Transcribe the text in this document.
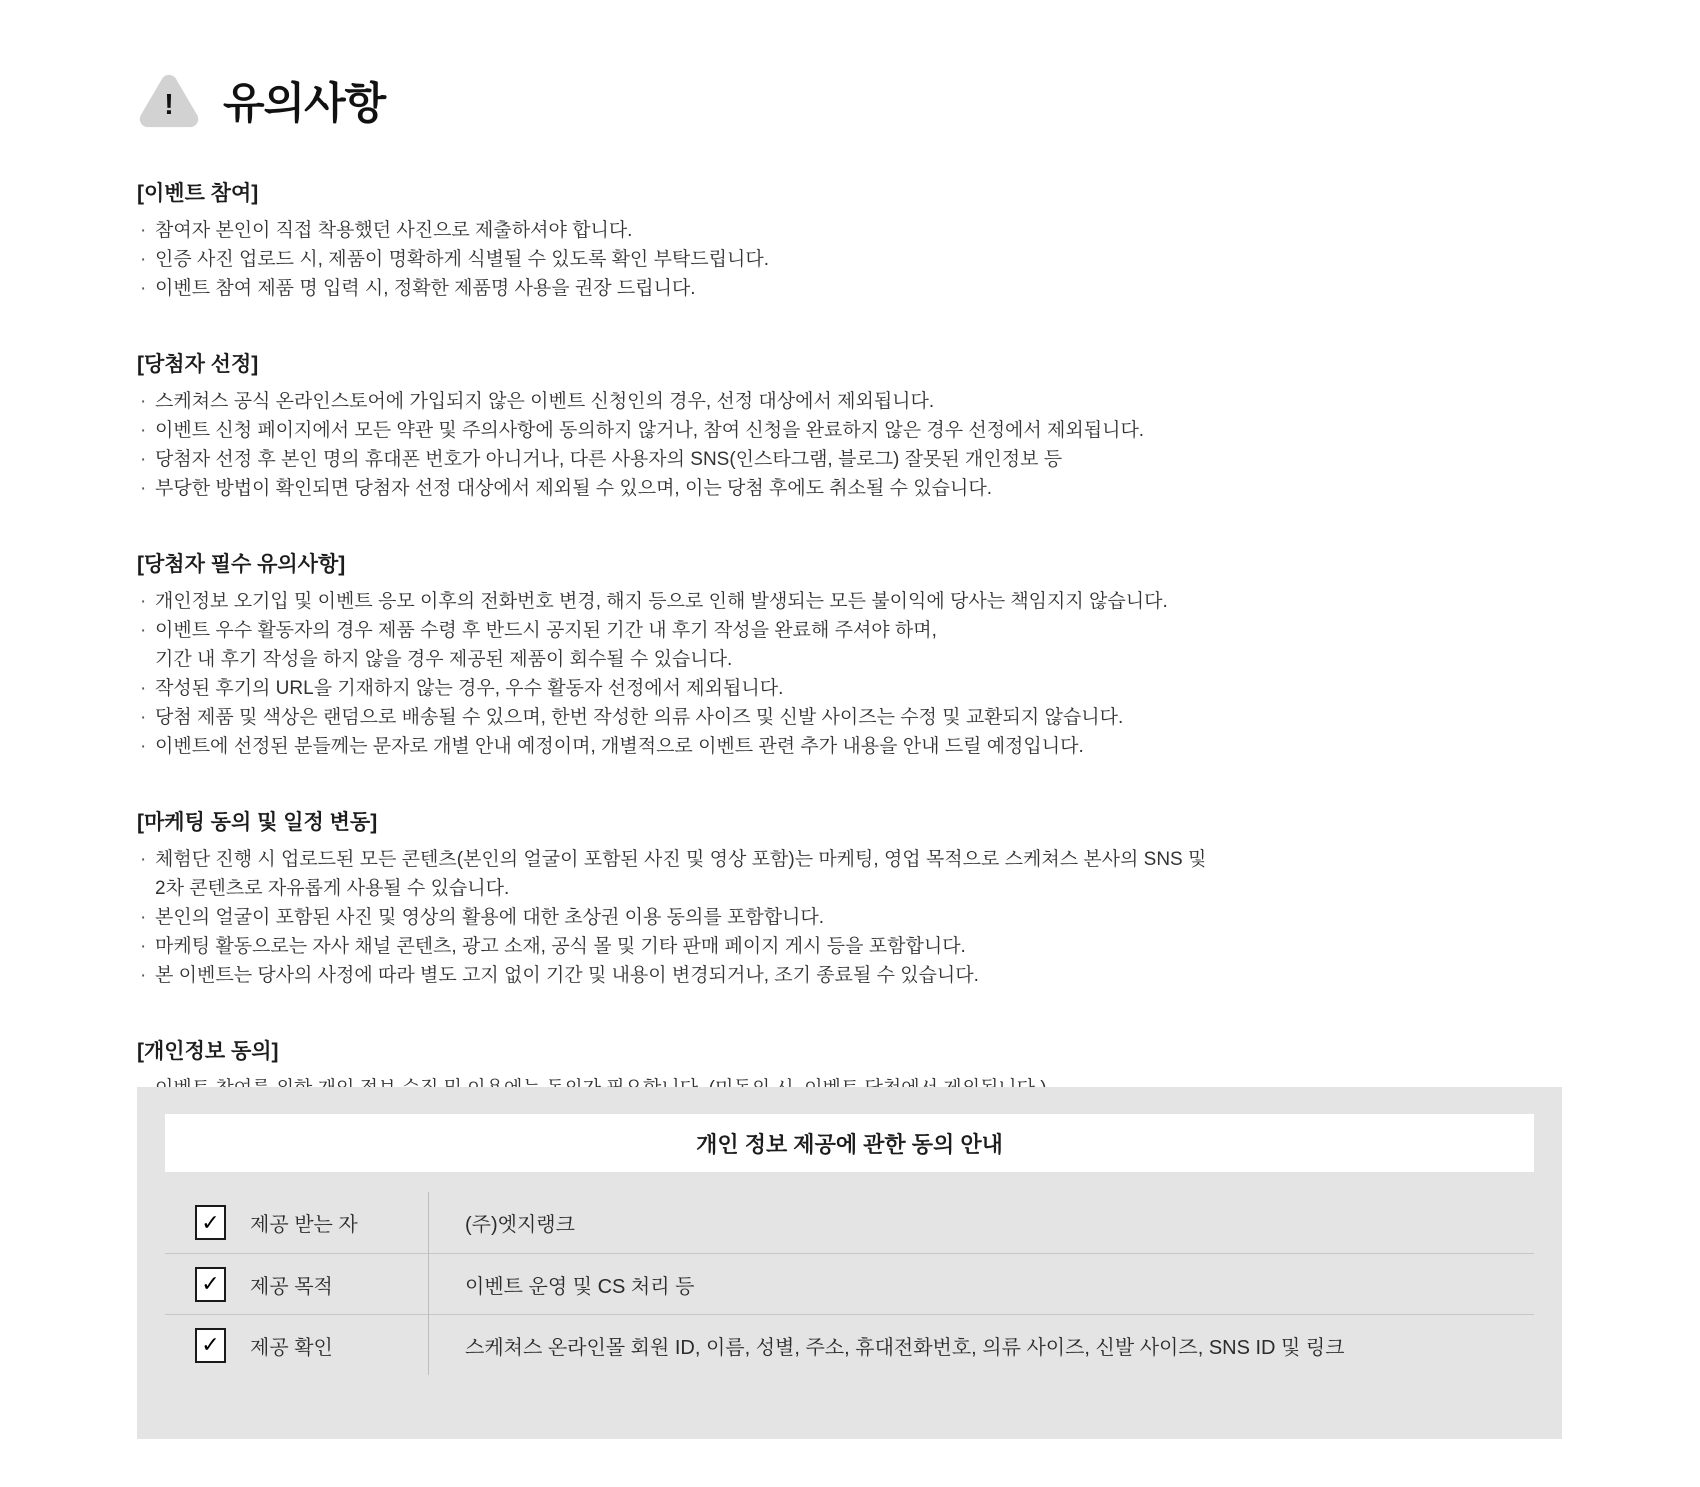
! 유의사항
[이벤트 참여]
· 참여자 본인이 직접 착용했던 사진으로 제출하셔야 합니다.
· 인증 사진 업로드 시, 제품이 명확하게 식별될 수 있도록 확인 부탁드립니다.
· 이벤트 참여 제품 명 입력 시, 정확한 제품명 사용을 권장 드립니다.
[당첨자 선정]
· 스케쳐스 공식 온라인스토어에 가입되지 않은 이벤트 신청인의 경우, 선정 대상에서 제외됩니다.
· 이벤트 신청 페이지에서 모든 약관 및 주의사항에 동의하지 않거나, 참여 신청을 완료하지 않은 경우 선정에서 제외됩니다.
· 당첨자 선정 후 본인 명의 휴대폰 번호가 아니거나, 다른 사용자의 SNS(인스타그램, 블로그) 잘못된 개인정보 등
· 부당한 방법이 확인되면 당첨자 선정 대상에서 제외될 수 있으며, 이는 당첨 후에도 취소될 수 있습니다.
[당첨자 필수 유의사항]
· 개인정보 오기입 및 이벤트 응모 이후의 전화번호 변경, 해지 등으로 인해 발생되는 모든 불이익에 당사는 책임지지 않습니다.
· 이벤트 우수 활동자의 경우 제품 수령 후 반드시 공지된 기간 내 후기 작성을 완료해 주셔야 하며,
기간 내 후기 작성을 하지 않을 경우 제공된 제품이 회수될 수 있습니다.
· 작성된 후기의 URL을 기재하지 않는 경우, 우수 활동자 선정에서 제외됩니다.
· 당첨 제품 및 색상은 랜덤으로 배송될 수 있으며, 한번 작성한 의류 사이즈 및 신발 사이즈는 수정 및 교환되지 않습니다.
· 이벤트에 선정된 분들께는 문자로 개별 안내 예정이며, 개별적으로 이벤트 관련 추가 내용을 안내 드릴 예정입니다.
[마케팅 동의 및 일정 변동]
· 체험단 진행 시 업로드된 모든 콘텐츠(본인의 얼굴이 포함된 사진 및 영상 포함)는 마케팅, 영업 목적으로 스케쳐스 본사의 SNS 및
2차 콘텐츠로 자유롭게 사용될 수 있습니다.
· 본인의 얼굴이 포함된 사진 및 영상의 활용에 대한 초상권 이용 동의를 포함합니다.
· 마케팅 활동으로는 자사 채널 콘텐츠, 광고 소재, 공식 몰 및 기타 판매 페이지 게시 등을 포함합니다.
· 본 이벤트는 당사의 사정에 따라 별도 고지 없이 기간 및 내용이 변경되거나, 조기 종료될 수 있습니다.
[개인정보 동의]
개인 정보 제공에 관한 동의 안내
✓ 제공 받는 자	(주)엣지랭크
✓ 제공 목적	이벤트 운영 및 CS 처리 등
✓ 제공 확인	스케쳐스 온라인몰 회원 ID, 이름, 성별, 주소, 휴대전화번호, 의류 사이즈, 신발 사이즈, SNS ID 및 링크
